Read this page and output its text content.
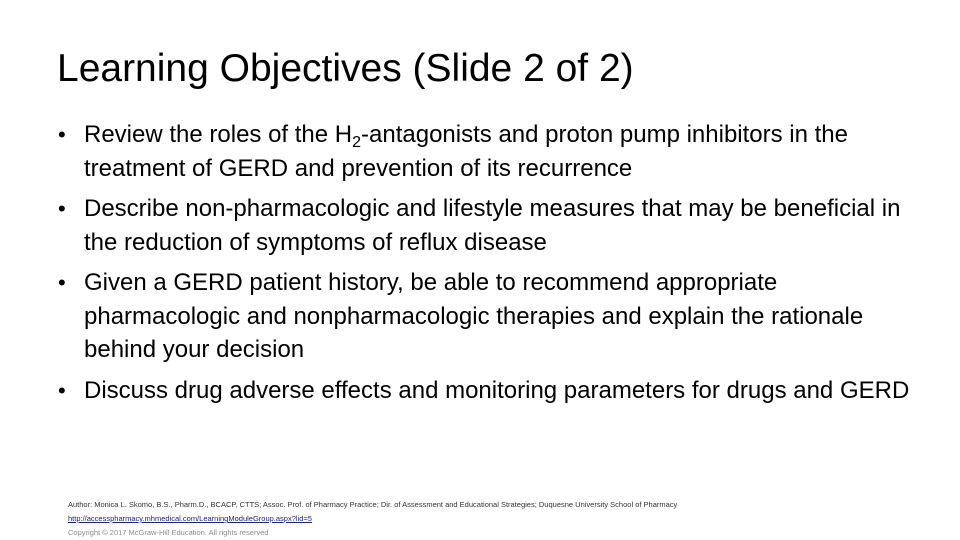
Learning Objectives (Slide 2 of 2)
• Review the roles of the $H_2$-antagonists and proton pump inhibitors in the treatment of GERD and prevention of its recurrence
• Describe non-pharmacologic and lifestyle measures that may be beneficial in the reduction of symptoms of reflux disease
• Given a GERD patient history, be able to recommend appropriate pharmacologic and nonpharmacologic therapies and explain the rationale behind your decision
• Discuss drug adverse effects and monitoring parameters for drugs and GERD
Author: Monica L. Skomo, B.S., Pharm.D., BCACP, CTTS; Assoc. Prof. of Pharmacy Practice; Dir. of Assessment and Educational Strategies; Duquesne University School of Pharmacy
http://accesspharmacy.mhmedical.com/LearningModuleGroup.aspx?lid=5
Copyright © 2017 McGraw-Hill Education. All rights reserved
